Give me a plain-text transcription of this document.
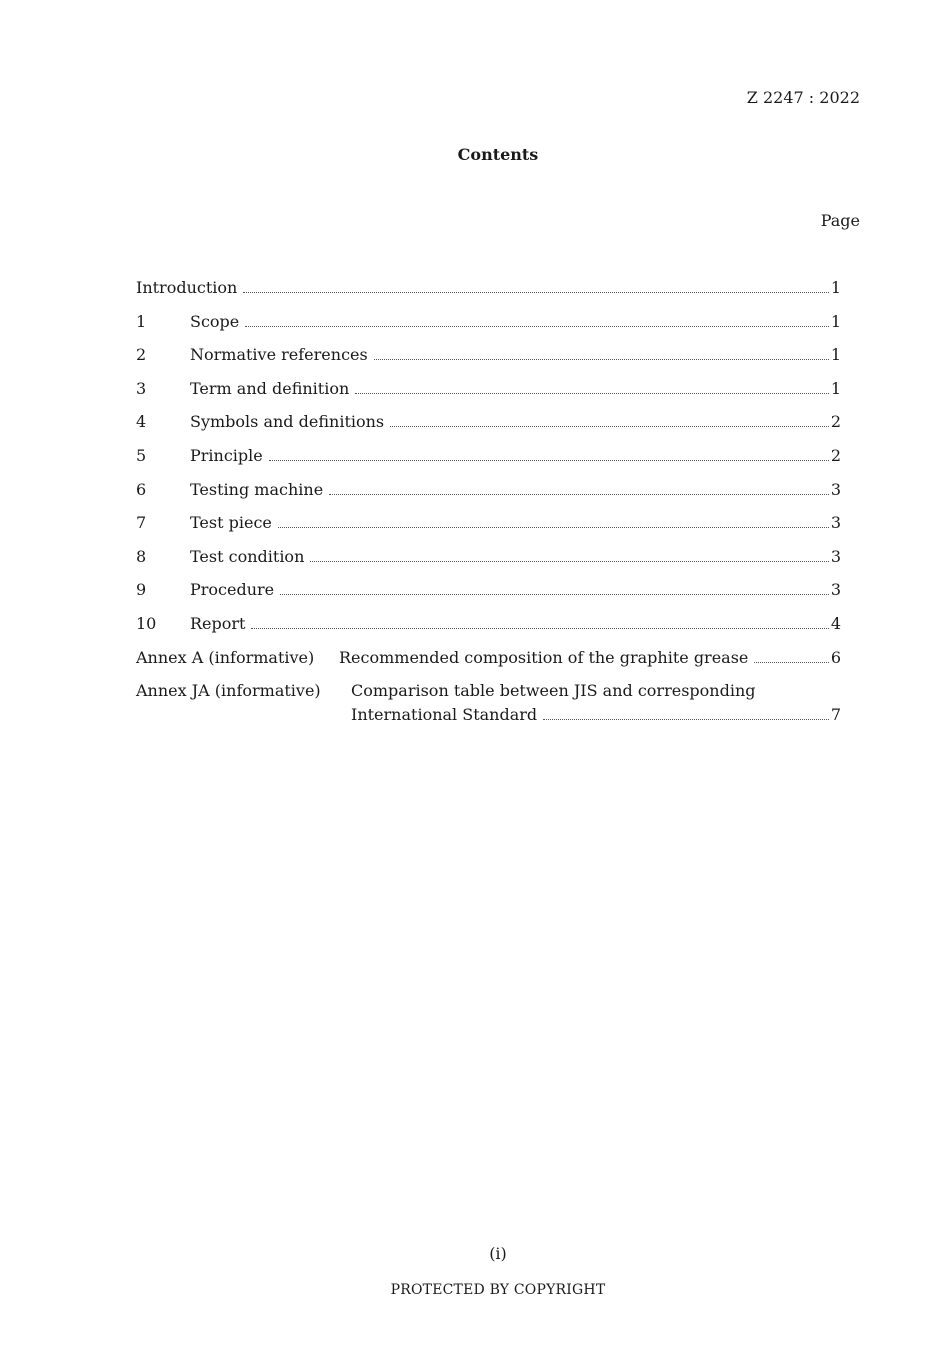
Z 2247 : 2022
Contents
Page
Introduction	1
1	Scope	1
2	Normative references	1
3	Term and definition	1
4	Symbols and definitions	2
5	Principle	2
6	Testing machine	3
7	Test piece	3
8	Test condition	3
9	Procedure	3
10	Report	4
Annex A (informative)	Recommended composition of the graphite grease	6
Annex JA (informative)	Comparison table between JIS and corresponding
International Standard	7
(i)
PROTECTED BY COPYRIGHT
